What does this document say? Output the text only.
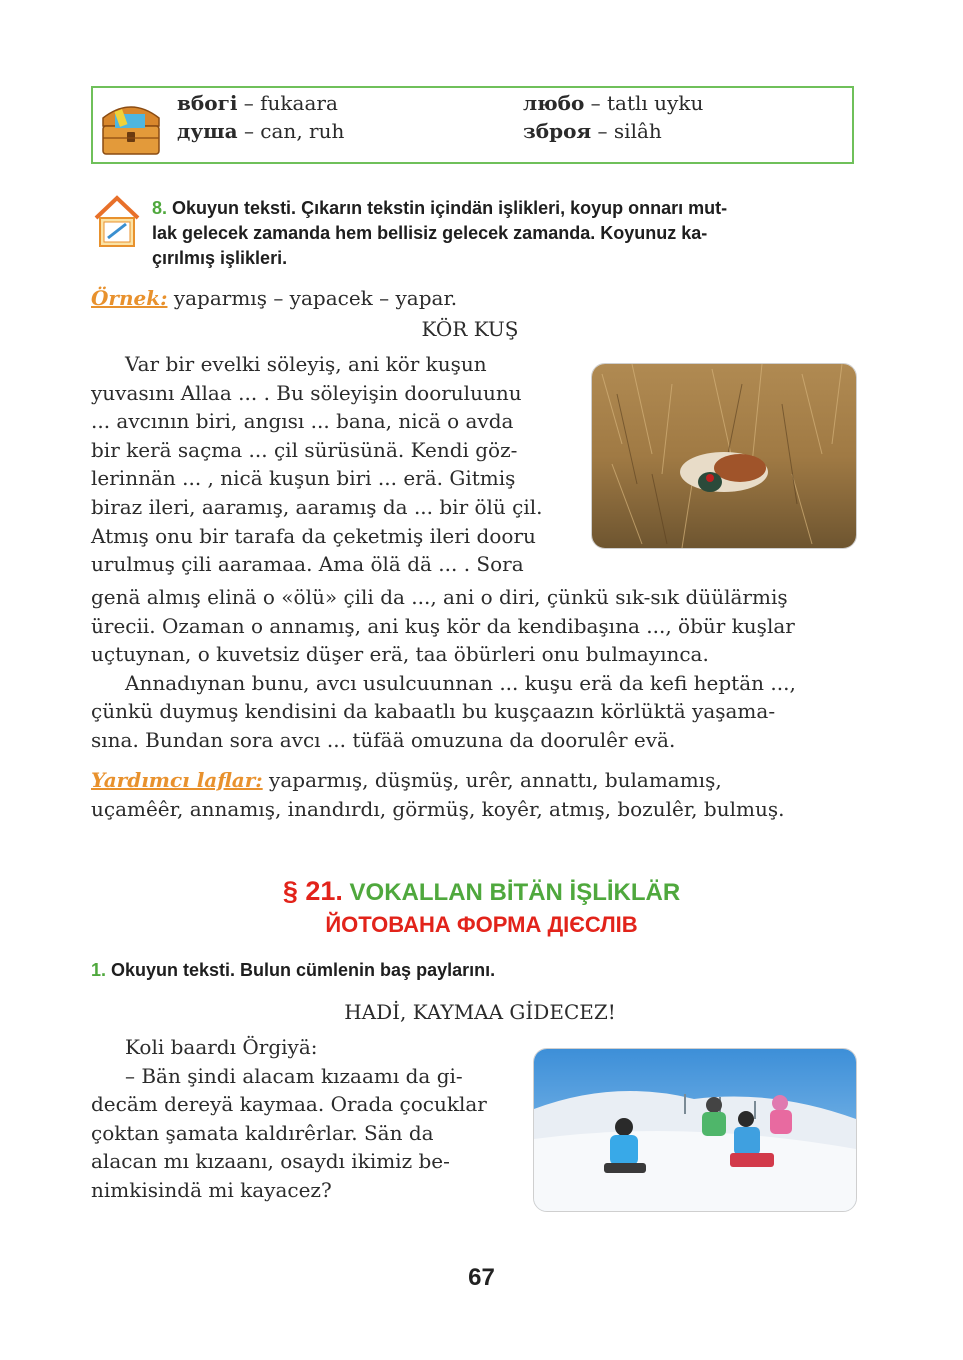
вбогі – fukaara
душа – can, ruh
любо – tatlı uyku
зброя – silâh
8. Okuyun teksti. Çıkarın tekstin içindän işlikleri, koyup onnarı mut-
lak gelecek zamanda hem bellisiz gelecek zamanda. Koyunuz ka-
çırılmış işlikleri.
Örnek: yaparmış – yapacek – yapar.
KÖR KUŞ
Var bir evelki söleyiş, ani kör kuşun
yuvasını Allaa ... . Bu söleyişin dooruluunu
... avcının biri, angısı ... bana, nicä o avda
bir kerä saçma ... çil sürüsünä. Kendi göz-
lerinnän ... , nicä kuşun biri ... erä. Gitmiş
biraz ileri, aaramış, aaramış da ... bir ölü çil.
Atmış onu bir tarafa da çeketmiş ileri dooru
urulmuş çili aaramaa. Ama ölä dä ... . Sora
genä almış elinä o «ölü» çili da ..., ani o diri, çünkü sık-sık düülärmiş
ürecii. Ozaman o annamış, ani kuş kör da kendibaşına ..., öbür kuşlar
uçtuynan, o kuvetsiz düşer erä, taa öbürleri onu bulmayınca.
Annadıynan bunu, avcı usulcuunnan ... kuşu erä da kefi heptän ...,
çünkü duymuş kendisini da kabaatlı bu kuşçaazın körlüktä yaşama-
sına. Bundan sora avcı ... tüfää omuzuna da doorulêr evä.
Yardımcı laflar: yaparmış, düşmüş, urêr, annattı, bulamamış,
uçamêêr, annamış, inandırdı, görmüş, koyêr, atmış, bozulêr, bulmuş.
§ 21. VOKALLAN BİTÄN İŞLİKLÄR
ЙОТОВАНА ФОРМА ДІЄСЛІВ
1. Okuyun teksti. Bulun cümlenin baş paylarını.
HADİ, KAYMAA GİDECEZ!
Koli baardı Örgiyä:
– Bän şindi alacam kızaamı da gi-
decäm dereyä kaymaa. Orada çocuklar
çoktan şamata kaldırêrlar. Sän da
alacan mı kızaanı, osaydı ikimiz be-
nimkisindä mi kayacez?
67
